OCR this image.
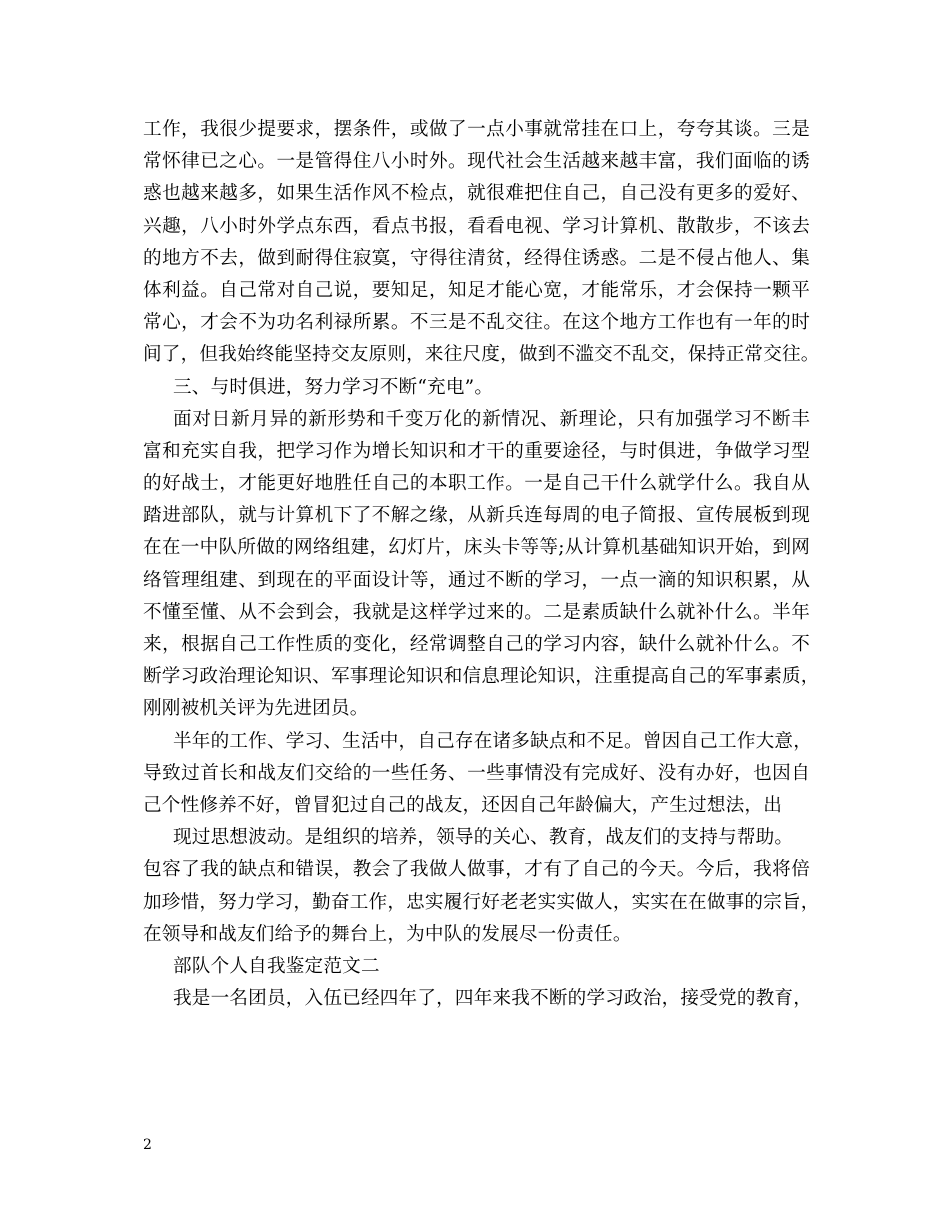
工作，我很少提要求，摆条件，或做了一点小事就常挂在口上，夸夸其谈。三是
常怀律已之心。一是管得住八小时外。现代社会生活越来越丰富，我们面临的诱
惑也越来越多，如果生活作风不检点，就很难把住自己，自己没有更多的爱好、
兴趣，八小时外学点东西，看点书报，看看电视、学习计算机、散散步，不该去
的地方不去，做到耐得住寂寞，守得往清贫，经得住诱惑。二是不侵占他人、集
体利益。自己常对自己说，要知足，知足才能心宽，才能常乐，才会保持一颗平
常心，才会不为功名利禄所累。不三是不乱交往。在这个地方工作也有一年的时
间了，但我始终能坚持交友原则，来往尺度，做到不滥交不乱交，保持正常交往。
三、与时俱进，努力学习不断“充电”。
面对日新月异的新形势和千变万化的新情况、新理论，只有加强学习不断丰
富和充实自我，把学习作为增长知识和才干的重要途径，与时俱进，争做学习型
的好战士，才能更好地胜任自己的本职工作。一是自己干什么就学什么。我自从
踏进部队，就与计算机下了不解之缘，从新兵连每周的电子简报、宣传展板到现
在在一中队所做的网络组建，幻灯片，床头卡等等;从计算机基础知识开始，到网
络管理组建、到现在的平面设计等，通过不断的学习，一点一滴的知识积累，从
不懂至懂、从不会到会，我就是这样学过来的。二是素质缺什么就补什么。半年
来，根据自己工作性质的变化，经常调整自己的学习内容，缺什么就补什么。不
断学习政治理论知识、军事理论知识和信息理论知识，注重提高自己的军事素质，
刚刚被机关评为先进团员。
半年的工作、学习、生活中，自己存在诸多缺点和不足。曾因自己工作大意，
导致过首长和战友们交给的一些任务、一些事情没有完成好、没有办好，也因自
己个性修养不好，曾冒犯过自己的战友，还因自己年龄偏大，产生过想法，出
现过思想波动。是组织的培养，领导的关心、教育，战友们的支持与帮助。
包容了我的缺点和错误，教会了我做人做事，才有了自己的今天。今后，我将倍
加珍惜，努力学习，勤奋工作，忠实履行好老老实实做人，实实在在做事的宗旨，
在领导和战友们给予的舞台上，为中队的发展尽一份责任。
部队个人自我鉴定范文二
我是一名团员，入伍已经四年了，四年来我不断的学习政治，接受党的教育，
2
